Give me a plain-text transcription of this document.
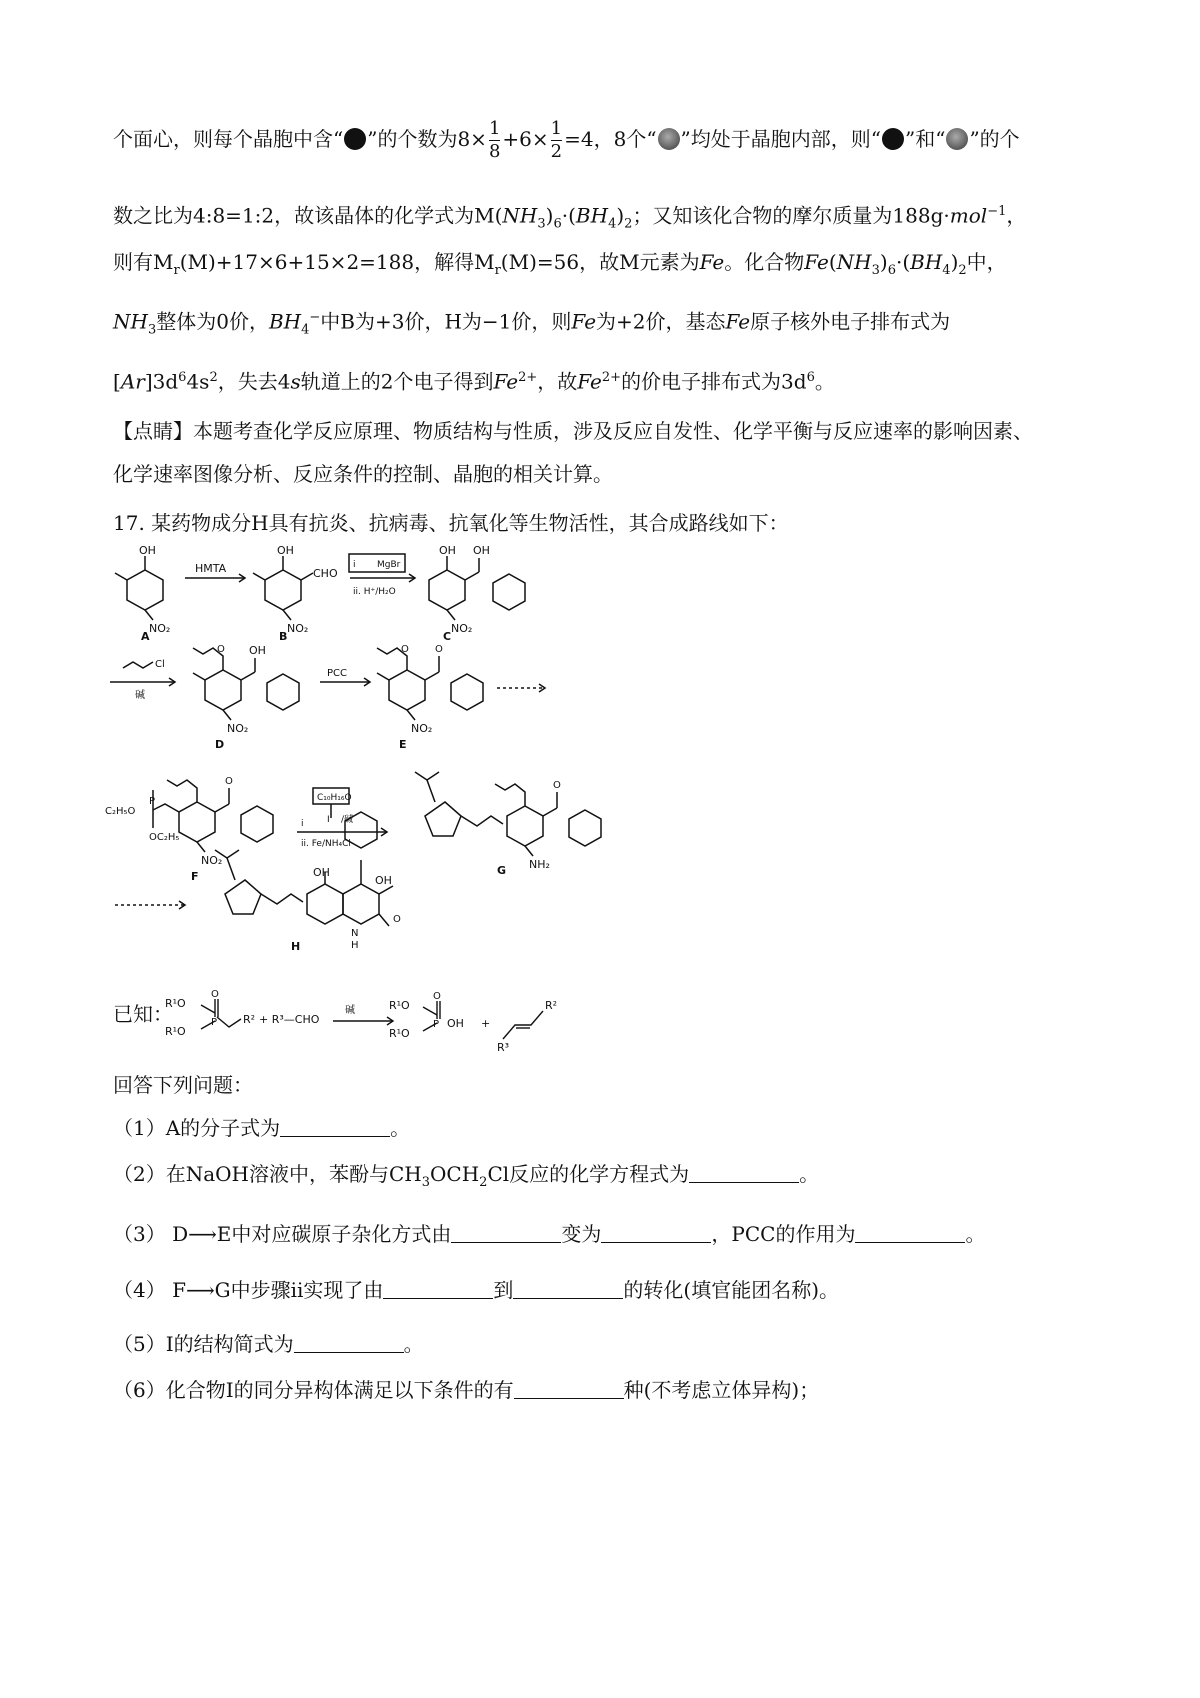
个面心，则每个晶胞中含“ ”的个数为$8\times \frac{1}{8} +6\times \frac{1}{2} =4$，8个“ ”均处于晶胞内部，则“ ”和“ ”的个
数之比为4:8=1:2，故该晶体的化学式为$M(NH_3)_6\cdot(BH_4)_2$；又知该化合物的摩尔质量为188g·mol$^{-1}$，
则有$M_r(M)+17\times 6+15\times 2=188$，解得$M_r(M)=56$，故M元素为Fe。化合物$Fe(NH_3)_6\cdot(BH_4)_2$中，
$NH_3$整体为0价，$BH_4^-$中B为+3价，H为−1价，则Fe为+2价，基态Fe原子核外电子排布式为
$[Ar]3d^64s^2$，失去4s轨道上的2个电子得到$Fe^{2+}$，故$Fe^{2+}$的价电子排布式为$3d^6$。
【点睛】本题考查化学反应原理、物质结构与性质，涉及反应自发性、化学平衡与反应速率的影响因素、
化学速率图像分析、反应条件的控制、晶胞的相关计算。
17. 某药物成分H具有抗炎、抗病毒、抗氧化等生物活性，其合成路线如下：
OH
NO₂
A
HMTA
OH
CHO
NO₂
B
i MgBr
ii. H⁺/H₂O
OH OH
NO₂
C
Cl
碱
O OH
NO₂
D
PCC
O	O
NO₂
E
P
C₂H₅O
OC₂H₅
O
NO₂
F
C₁₀H₁₆O
I /碱
i
ii. Fe/NH₄Cl
O
NH₂
G
OH
OH
O
N
H
H
已知：
R¹O
R¹O
P
O
R² + R³—CHO
碱	R¹O
R¹O
P
O
OH +
R²
R³
回答下列问题：
（1）A的分子式为	。
（2）在NaOH溶液中，苯酚与$CH_3OCH_2Cl$反应的化学方程式为	。
（3） D⟶E中对应碳原子杂化方式由	变为	，PCC的作用为	。
（4） F⟶G中步骤ii实现了由	到	的转化(填官能团名称)。
（5）I的结构简式为	。
（6）化合物I的同分异构体满足以下条件的有	种(不考虑立体异构)；
